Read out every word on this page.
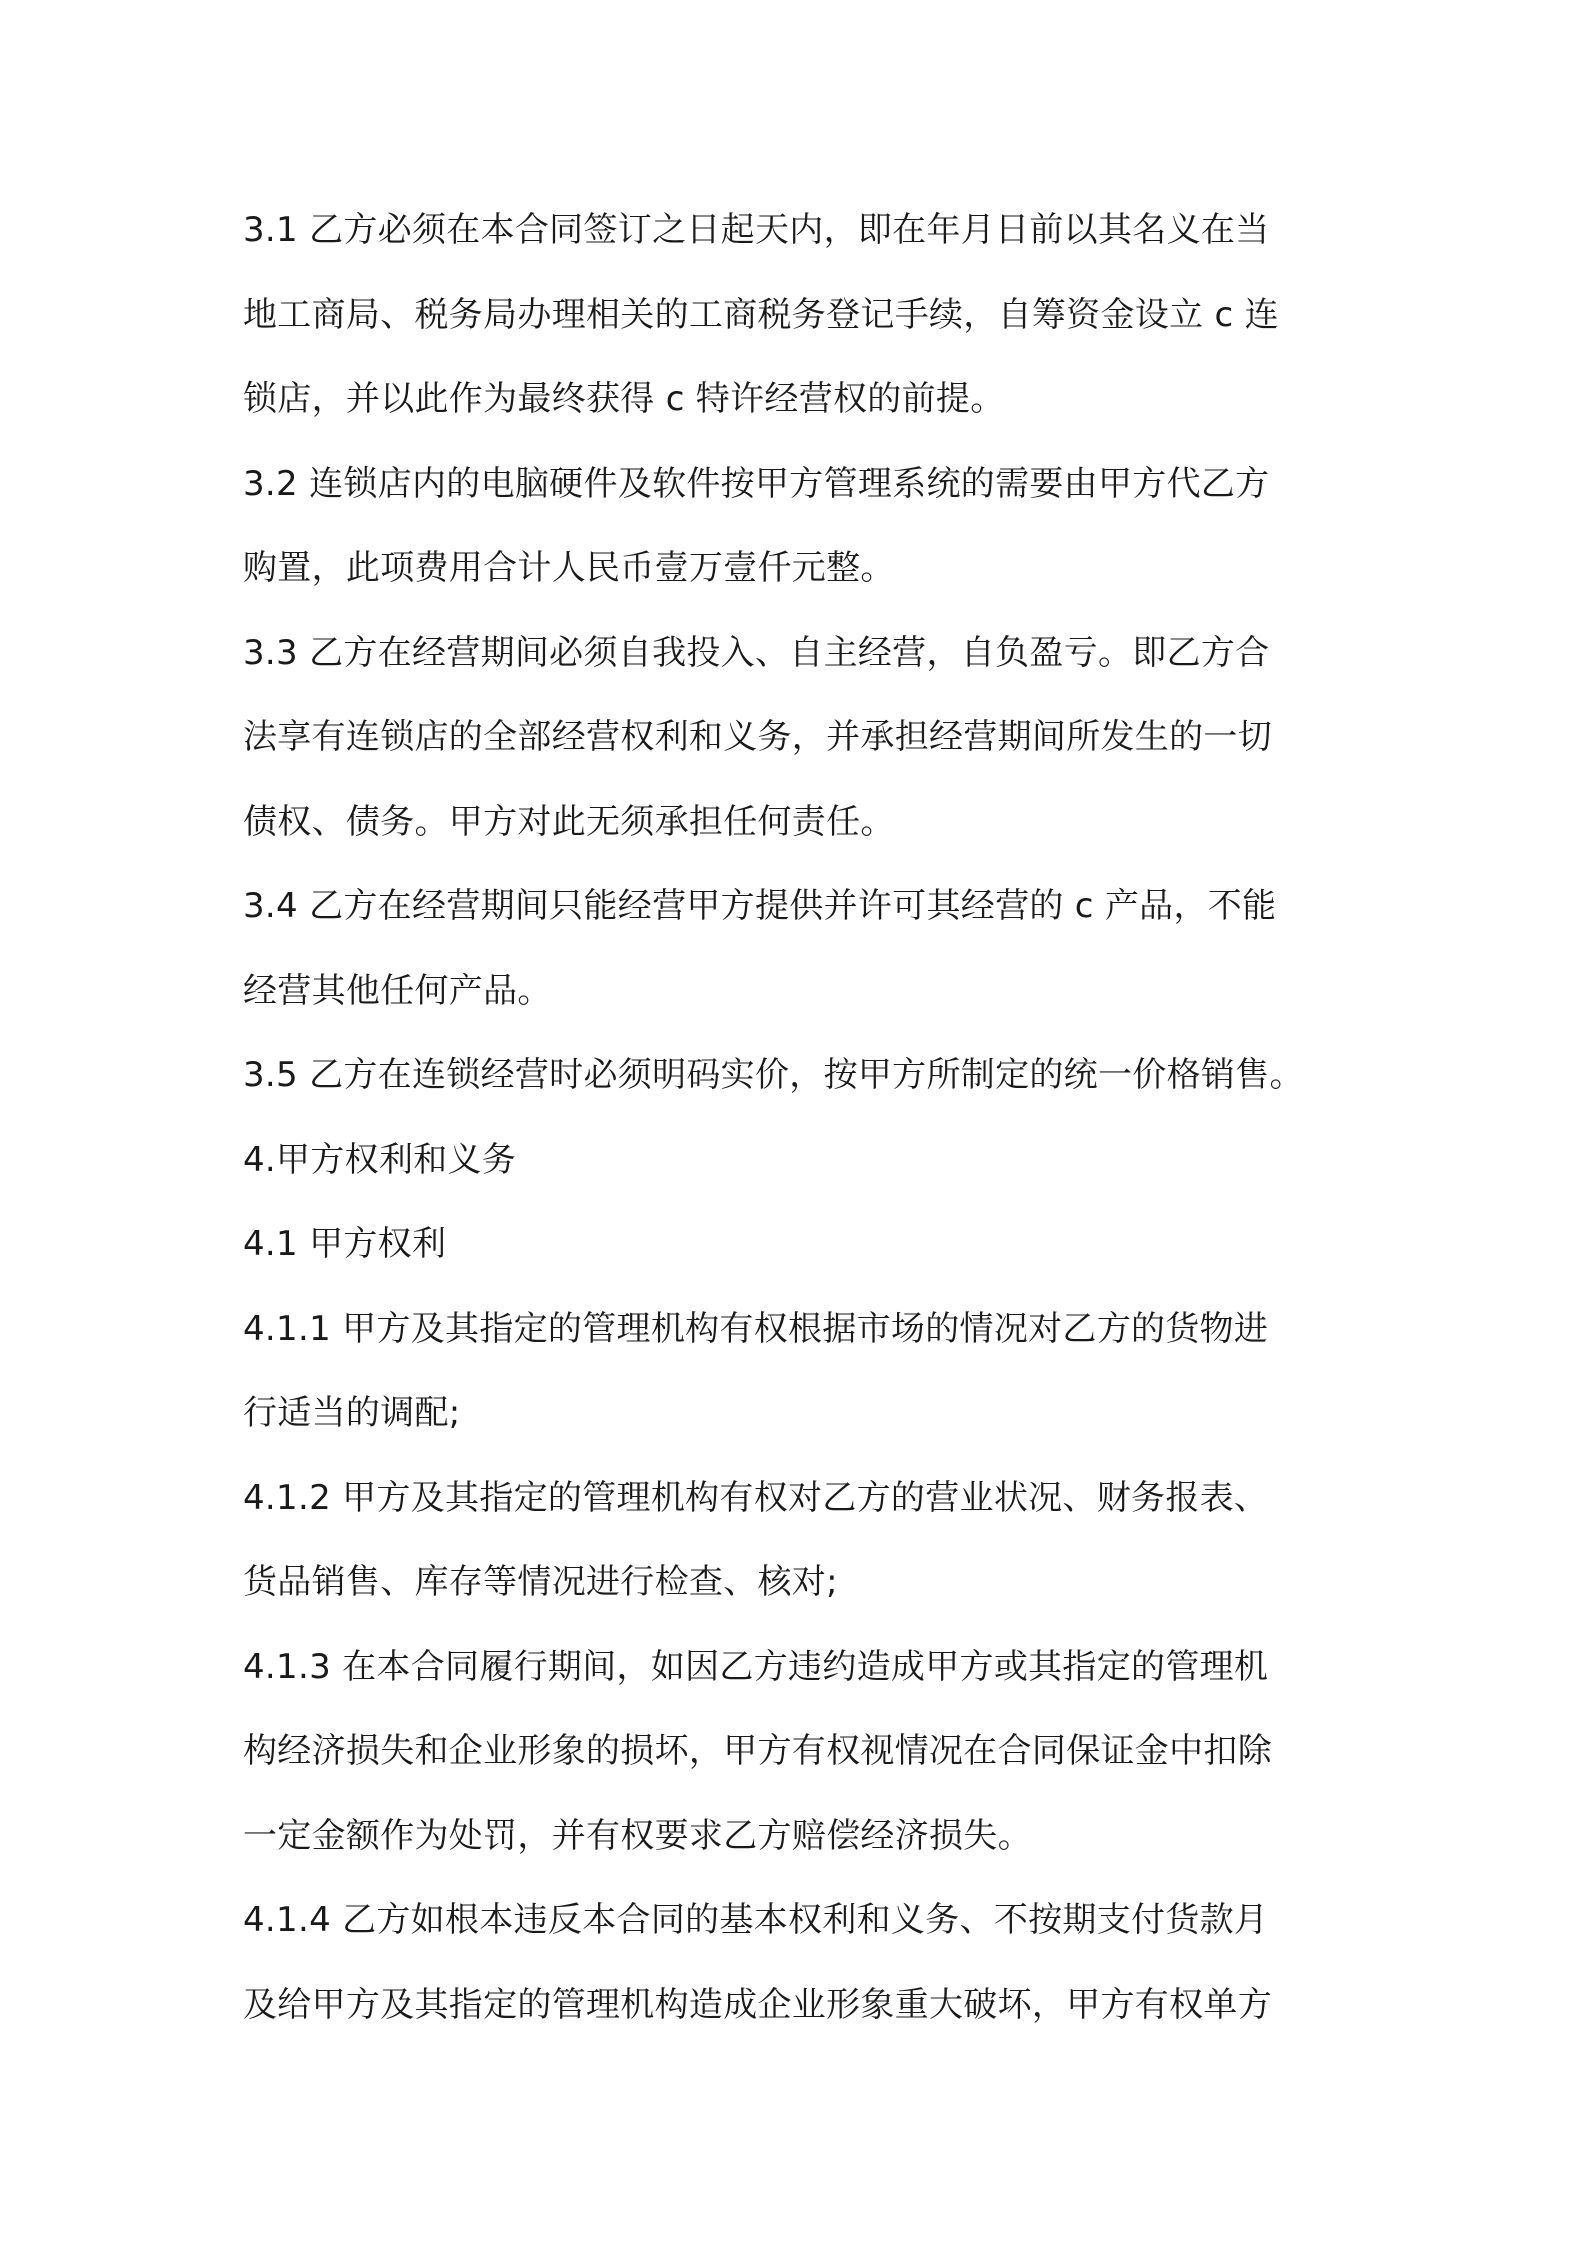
3.1 乙方必须在本合同签订之日起天内，即在年月日前以其名义在当
地工商局、税务局办理相关的工商税务登记手续，自筹资金设立 c 连
锁店，并以此作为最终获得 c 特许经营权的前提。

3.2 连锁店内的电脑硬件及软件按甲方管理系统的需要由甲方代乙方
购置，此项费用合计人民币壹万壹仟元整。

3.3 乙方在经营期间必须自我投入、自主经营，自负盈亏。即乙方合
法享有连锁店的全部经营权利和义务，并承担经营期间所发生的一切
债权、债务。甲方对此无须承担任何责任。

3.4 乙方在经营期间只能经营甲方提供并许可其经营的 c 产品，不能
经营其他任何产品。

3.5 乙方在连锁经营时必须明码实价，按甲方所制定的统一价格销售。

4.甲方权利和义务

4.1 甲方权利

4.1.1 甲方及其指定的管理机构有权根据市场的情况对乙方的货物进
行适当的调配;

4.1.2 甲方及其指定的管理机构有权对乙方的营业状况、财务报表、
货品销售、库存等情况进行检查、核对;

4.1.3 在本合同履行期间，如因乙方违约造成甲方或其指定的管理机
构经济损失和企业形象的损坏，甲方有权视情况在合同保证金中扣除
一定金额作为处罚，并有权要求乙方赔偿经济损失。

4.1.4 乙方如根本违反本合同的基本权利和义务、不按期支付货款月
及给甲方及其指定的管理机构造成企业形象重大破坏，甲方有权单方
